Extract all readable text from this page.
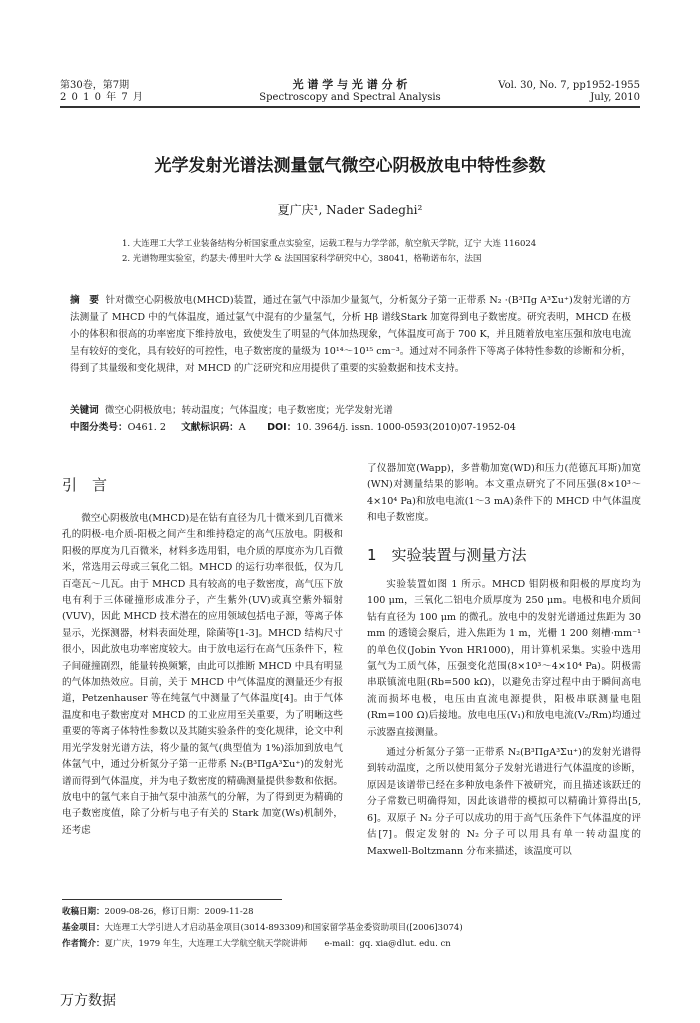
第30卷，第7期
2 0 1 0 年 7 月
光 谱 学 与 光 谱 分 析
Spectroscopy and Spectral Analysis
Vol. 30, No. 7, pp1952-1955
July, 2010
光学发射光谱法测量氩气微空心阴极放电中特性参数
夏广庆¹, Nader Sadeghi²
1. 大连理工大学工业装备结构分析国家重点实验室，运载工程与力学学部，航空航天学院，辽宁 大连 116024
2. 光谱物理实验室，约瑟夫·傅里叶大学 & 法国国家科学研究中心，38041，格勒诺布尔，法国
摘　要 针对微空心阴极放电(MHCD)装置，通过在氩气中添加少量氮气，分析氮分子第一正带系 N₂ ·(B³Πg A³Σu⁺)发射光谱的方法测量了 MHCD 中的气体温度，通过氩气中混有的少量氢气，分析 Hβ 谱线Stark 加宽得到电子数密度。研究表明，MHCD 在极小的体积和很高的功率密度下维持放电，致使发生了明显的气体加热现象，气体温度可高于 700 K，并且随着放电室压强和放电电流呈有较好的变化，具有较好的可控性，电子数密度的量级为 10¹⁴～10¹⁵ cm⁻³。通过对不同条件下等离子体特性参数的诊断和分析，得到了其量级和变化规律，对 MHCD 的广泛研究和应用提供了重要的实验数据和技术支持。
关键词 微空心阴极放电；转动温度；气体温度；电子数密度；光学发射光谱
中图分类号：O461. 2 文献标识码：A DOI：10. 3964/j. issn. 1000-0593(2010)07-1952-04
引　言

微空心阴极放电(MHCD)是在钻有直径为几十微米到几百微米孔的阴极-电介质-阳极之间产生和维持稳定的高气压放电。阴极和阳极的厚度为几百微米，材料多选用钼，电介质的厚度亦为几百微米，常选用云母或三氧化二铝。MHCD 的运行功率很低，仅为几百毫瓦～几瓦。由于 MHCD 具有较高的电子数密度，高气压下放电有利于三体碰撞形成准分子，产生紫外(UV)或真空紫外辐射(VUV)，因此 MHCD 技术潜在的应用领域包括电子源，等离子体显示，光探测器，材料表面处理，除菌等[1-3]。MHCD 结构尺寸很小，因此放电功率密度较大。由于放电运行在高气压条件下，粒子间碰撞剧烈，能量转换频繁，由此可以推断 MHCD 中具有明显的气体加热效应。目前，关于 MHCD 中气体温度的测量还少有报道，Petzenhauser 等在纯氩气中测量了气体温度[4]。由于气体温度和电子数密度对 MHCD 的工业应用至关重要，为了明晰这些重要的等离子体特性参数以及其随实验条件的变化规律，论文中利用光学发射光谱方法，将少量的氮气(典型值为 1%)添加到放电气体氩气中，通过分析氮分子第一正带系 N₂(B³ΠgA³Σu⁺)的发射光谱而得到气体温度，并为电子数密度的精确测量提供参数和依据。放电中的氩气来自于抽气泵中油蒸气的分解，为了得到更为精确的电子数密度值，除了分析与电子有关的 Stark 加宽(Ws)机制外，还考虑

了仪器加宽(Wapp)，多普勒加宽(WD)和压力(范德瓦耳斯)加宽(WN)对测量结果的影响。本文重点研究了不同压强(8×10³～4×10⁴ Pa)和放电电流(1～3 mA)条件下的 MHCD 中气体温度和电子数密度。

1　实验装置与测量方法

实验装置如图 1 所示。MHCD 钼阴极和阳极的厚度均为 100 μm，三氧化二铝电介质厚度为 250 μm。电极和电介质间钻有直径为 100 μm 的微孔。放电中的发射光谱通过焦距为 30 mm 的透镜会聚后，进入焦距为 1 m，光栅 1 200 刻槽·mm⁻¹ 的单色仪(Jobin Yvon HR1000)，用计算机采集。实验中选用氩气为工质气体，压强变化范围(8×10³～4×10⁴ Pa)。阴极需串联镇流电阻(Rb=500 kΩ)，以避免击穿过程中由于瞬间高电流而损坏电极，电压由直流电源提供，阳极串联测量电阻(Rm=100 Ω)后接地。放电电压(V₁)和放电电流(V₂/Rm)均通过示波器直接测量。

通过分析氮分子第一正带系 N₂(B³ΠgA³Σu⁺)的发射光谱得到转动温度，之所以使用氮分子发射光谱进行气体温度的诊断，原因是该谱带已经在多种放电条件下被研究，而且描述该跃迁的分子常数已明确得知，因此该谱带的模拟可以精确计算得出[5, 6]。双原子 N₂ 分子可以成功的用于高气压条件下气体温度的评估[7]。假定发射的 N₂ 分子可以用具有单一转动温度的 Maxwell-Boltzmann 分布来描述，该温度可以

收稿日期：2009-08-26，修订日期：2009-11-28
基金项目：大连理工大学引进人才启动基金项目(3014-893309)和国家留学基金委资助项目([2006]3074)
作者简介：夏广庆，1979 年生，大连理工大学航空航天学院讲师　　e-mail：gq. xia@dlut. edu. cn
万方数据
